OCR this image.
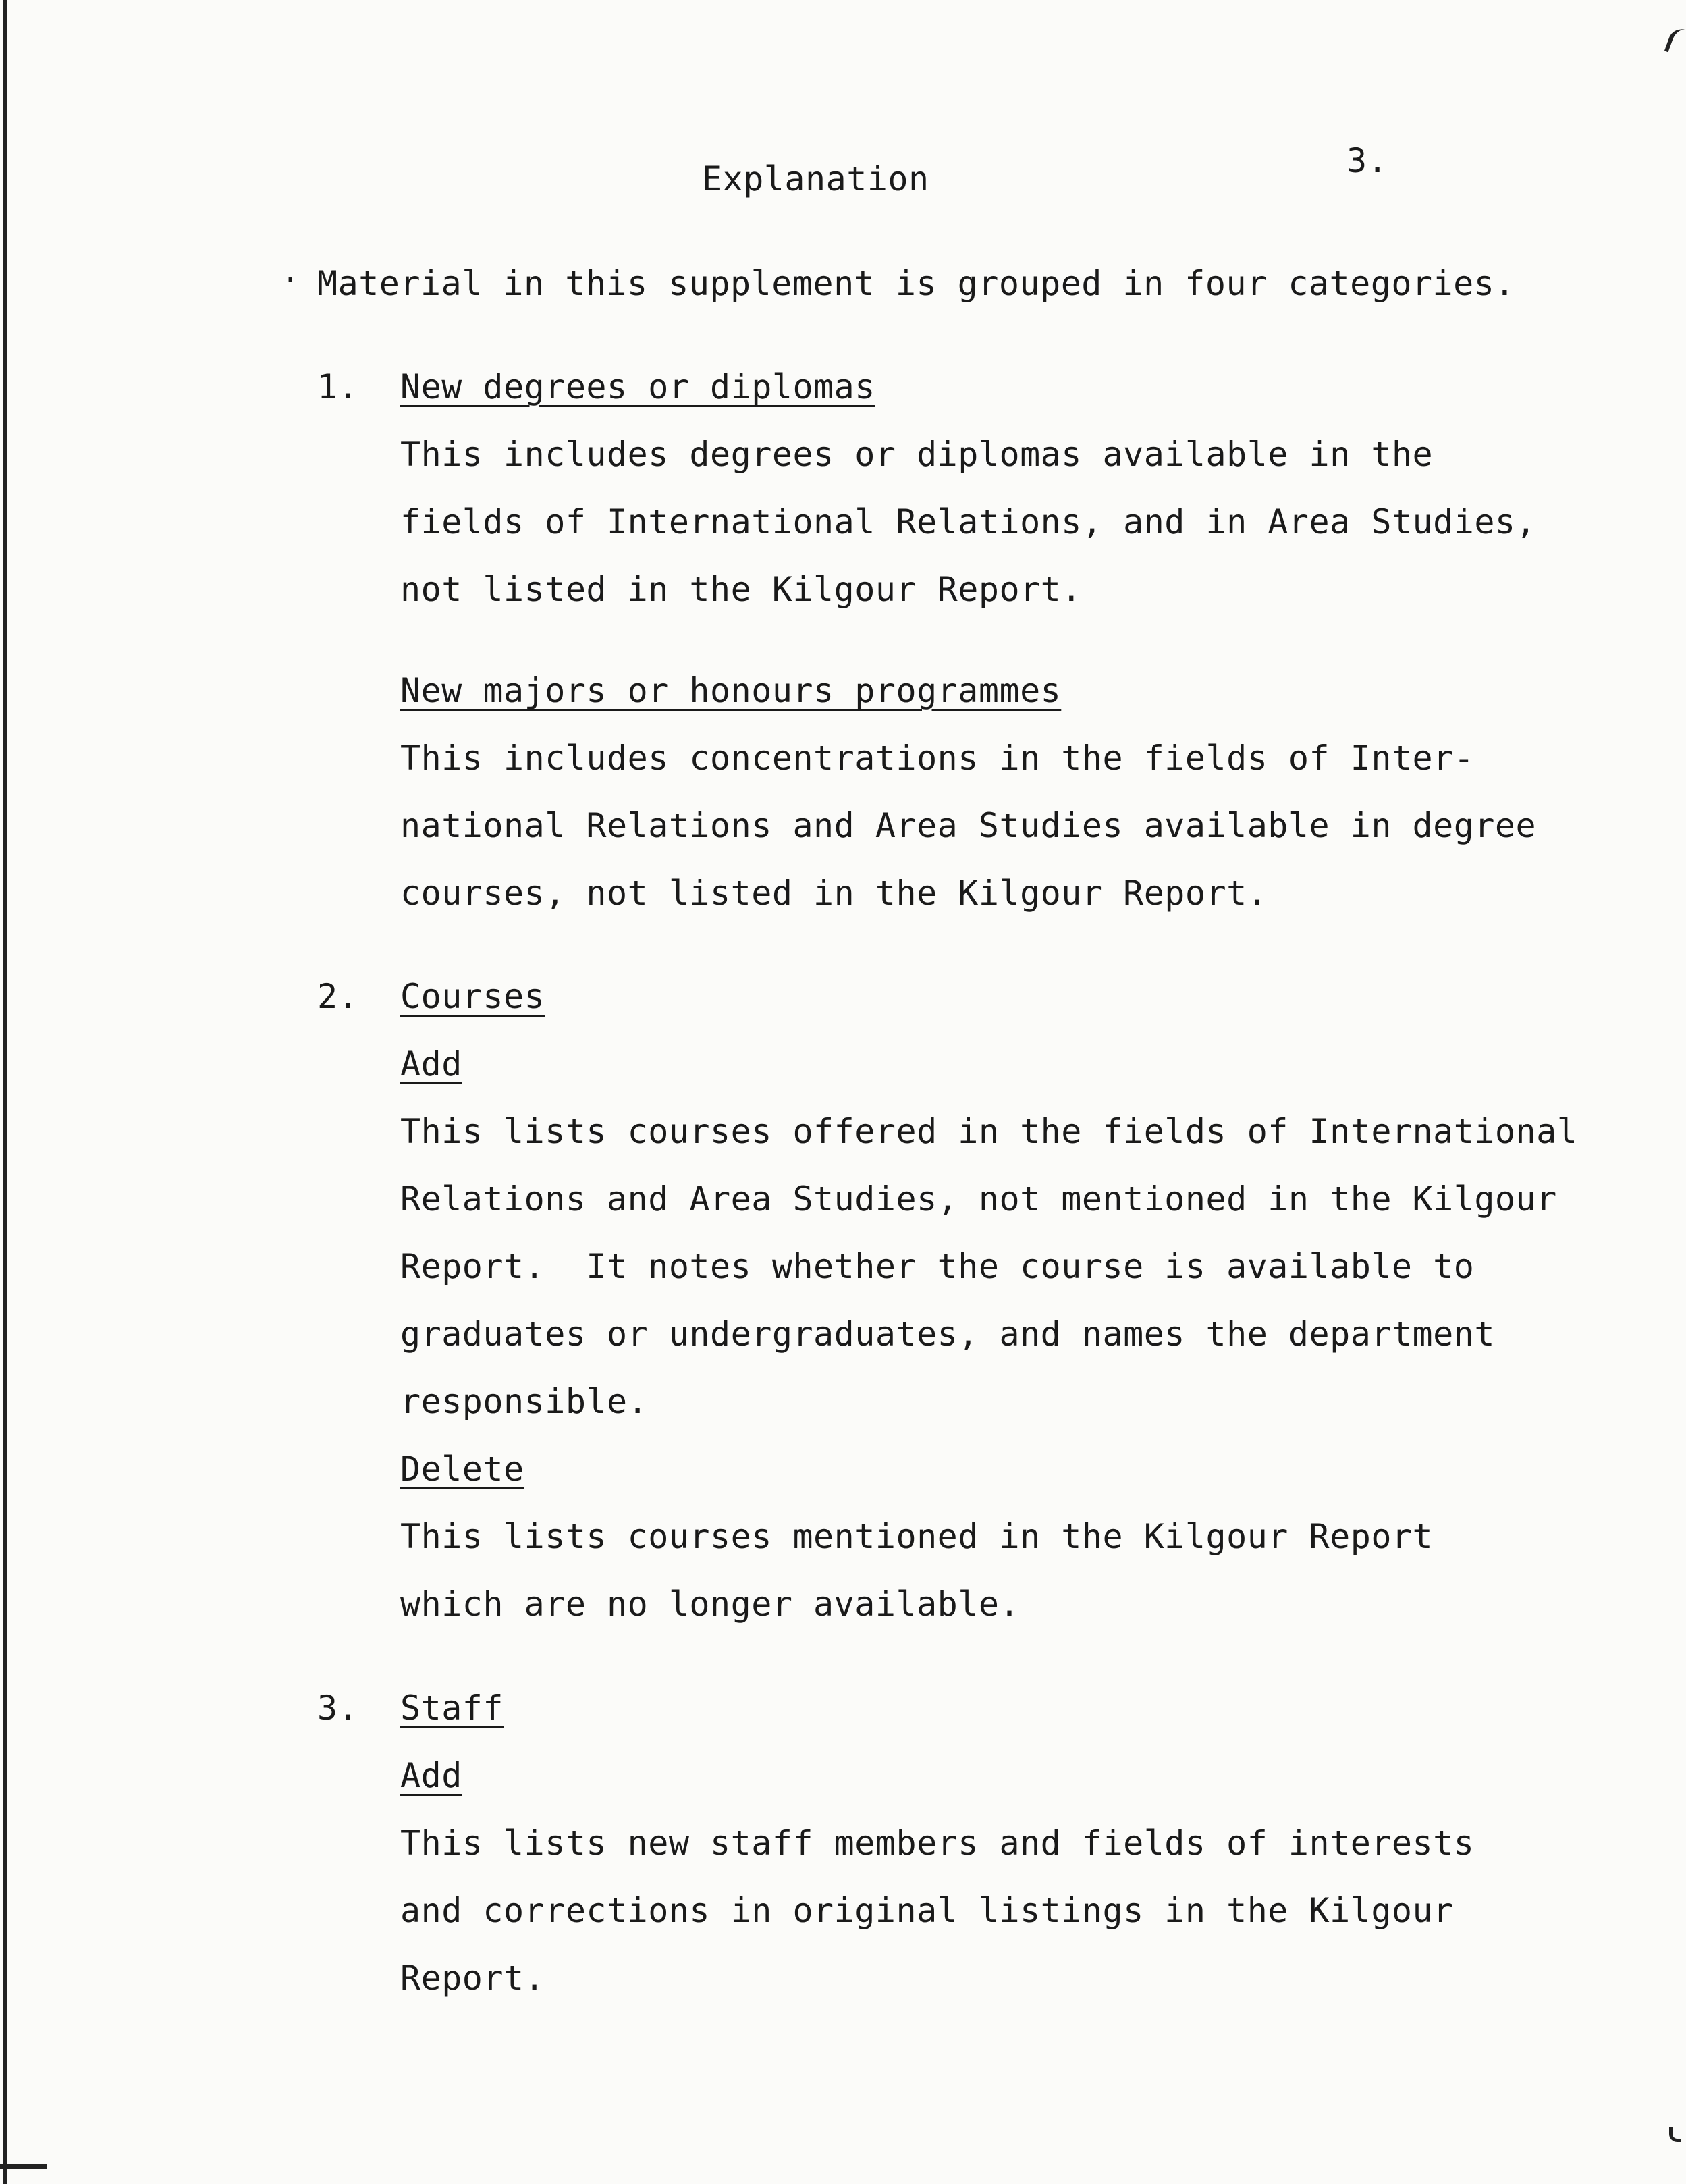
Explanation	3.
· Material in this supplement is grouped in four categories.
1. New degrees or diplomas
This includes degrees or diplomas available in the
fields of International Relations, and in Area Studies,
not listed in the Kilgour Report.
New majors or honours programmes
This includes concentrations in the fields of Inter-
national Relations and Area Studies available in degree
courses, not listed in the Kilgour Report.
2. Courses
Add
This lists courses offered in the fields of International
Relations and Area Studies, not mentioned in the Kilgour
Report.  It notes whether the course is available to
graduates or undergraduates, and names the department
responsible.
Delete
This lists courses mentioned in the Kilgour Report
which are no longer available.
3. Staff
Add
This lists new staff members and fields of interests
and corrections in original listings in the Kilgour
Report.
